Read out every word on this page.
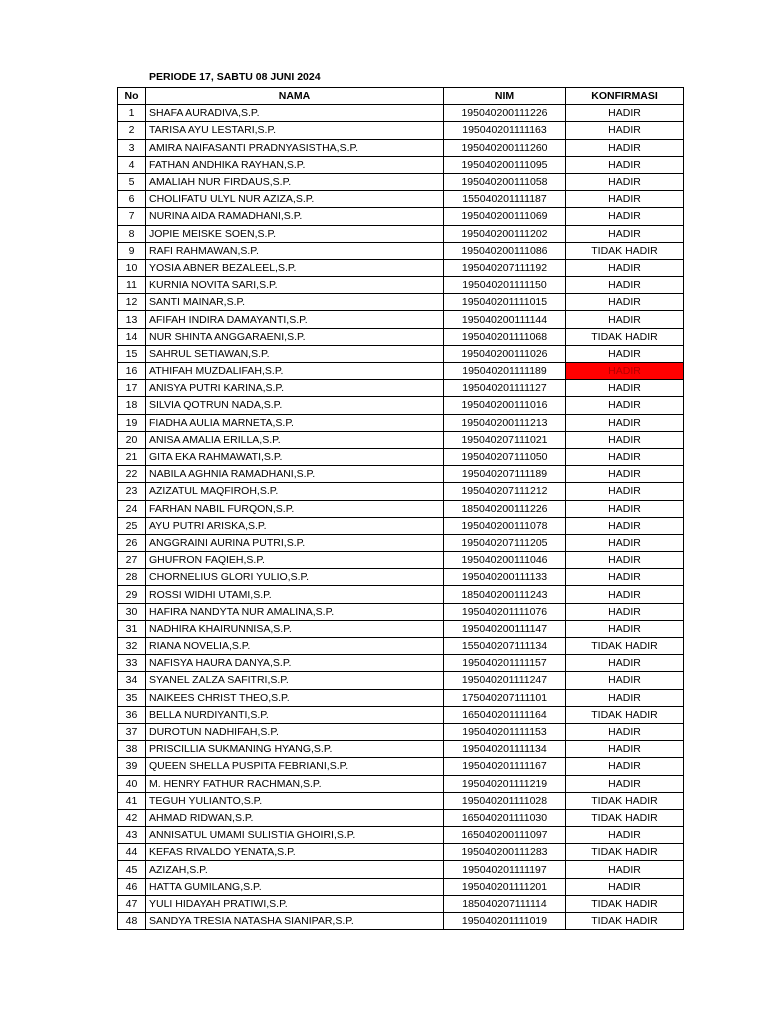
PERIODE 17, SABTU 08 JUNI 2024
No	NAMA	NIM	KONFIRMASI
1	SHAFA AURADIVA,S.P.	195040200111226	HADIR
2	TARISA AYU LESTARI,S.P.	195040201111163	HADIR
3	AMIRA NAIFASANTI PRADNYASISTHA,S.P.	195040200111260	HADIR
4	FATHAN ANDHIKA RAYHAN,S.P.	195040200111095	HADIR
5	AMALIAH NUR FIRDAUS,S.P.	195040200111058	HADIR
6	CHOLIFATU ULYL NUR AZIZA,S.P.	155040201111187	HADIR
7	NURINA AIDA RAMADHANI,S.P.	195040200111069	HADIR
8	JOPIE MEISKE SOEN,S.P.	195040200111202	HADIR
9	RAFI RAHMAWAN,S.P.	195040200111086	TIDAK HADIR
10	YOSIA ABNER BEZALEEL,S.P.	195040207111192	HADIR
11	KURNIA NOVITA SARI,S.P.	195040201111150	HADIR
12	SANTI MAINAR,S.P.	195040201111015	HADIR
13	AFIFAH INDIRA DAMAYANTI,S.P.	195040200111144	HADIR
14	NUR SHINTA ANGGARAENI,S.P.	195040201111068	TIDAK HADIR
15	SAHRUL SETIAWAN,S.P.	195040200111026	HADIR
16	ATHIFAH MUZDALIFAH,S.P.	195040201111189	HADIR
17	ANISYA PUTRI KARINA,S.P.	195040201111127	HADIR
18	SILVIA QOTRUN NADA,S.P.	195040200111016	HADIR
19	FIADHA AULIA MARNETA,S.P.	195040200111213	HADIR
20	ANISA AMALIA ERILLA,S.P.	195040207111021	HADIR
21	GITA EKA RAHMAWATI,S.P.	195040207111050	HADIR
22	NABILA AGHNIA RAMADHANI,S.P.	195040207111189	HADIR
23	AZIZATUL MAQFIROH,S.P.	195040207111212	HADIR
24	FARHAN NABIL FURQON,S.P.	185040200111226	HADIR
25	AYU PUTRI ARISKA,S.P.	195040200111078	HADIR
26	ANGGRAINI AURINA PUTRI,S.P.	195040207111205	HADIR
27	GHUFRON FAQIEH,S.P.	195040200111046	HADIR
28	CHORNELIUS GLORI YULIO,S.P.	195040200111133	HADIR
29	ROSSI WIDHI UTAMI,S.P.	185040200111243	HADIR
30	HAFIRA NANDYTA NUR AMALINA,S.P.	195040201111076	HADIR
31	NADHIRA KHAIRUNNISA,S.P.	195040200111147	HADIR
32	RIANA NOVELIA,S.P.	155040207111134	TIDAK HADIR
33	NAFISYA HAURA DANYA,S.P.	195040201111157	HADIR
34	SYANEL ZALZA SAFITRI,S.P.	195040201111247	HADIR
35	NAIKEES CHRIST THEO,S.P.	175040207111101	HADIR
36	BELLA NURDIYANTI,S.P.	165040201111164	TIDAK HADIR
37	DUROTUN NADHIFAH,S.P.	195040201111153	HADIR
38	PRISCILLIA SUKMANING HYANG,S.P.	195040201111134	HADIR
39	QUEEN SHELLA PUSPITA FEBRIANI,S.P.	195040201111167	HADIR
40	M. HENRY FATHUR RACHMAN,S.P.	195040201111219	HADIR
41	TEGUH YULIANTO,S.P.	195040201111028	TIDAK HADIR
42	AHMAD RIDWAN,S.P.	165040201111030	TIDAK HADIR
43	ANNISATUL UMAMI SULISTIA GHOIRI,S.P.	165040200111097	HADIR
44	KEFAS RIVALDO YENATA,S.P.	195040200111283	TIDAK HADIR
45	AZIZAH,S.P.	195040201111197	HADIR
46	HATTA GUMILANG,S.P.	195040201111201	HADIR
47	YULI HIDAYAH PRATIWI,S.P.	185040207111114	TIDAK HADIR
48	SANDYA TRESIA NATASHA SIANIPAR,S.P.	195040201111019	TIDAK HADIR
